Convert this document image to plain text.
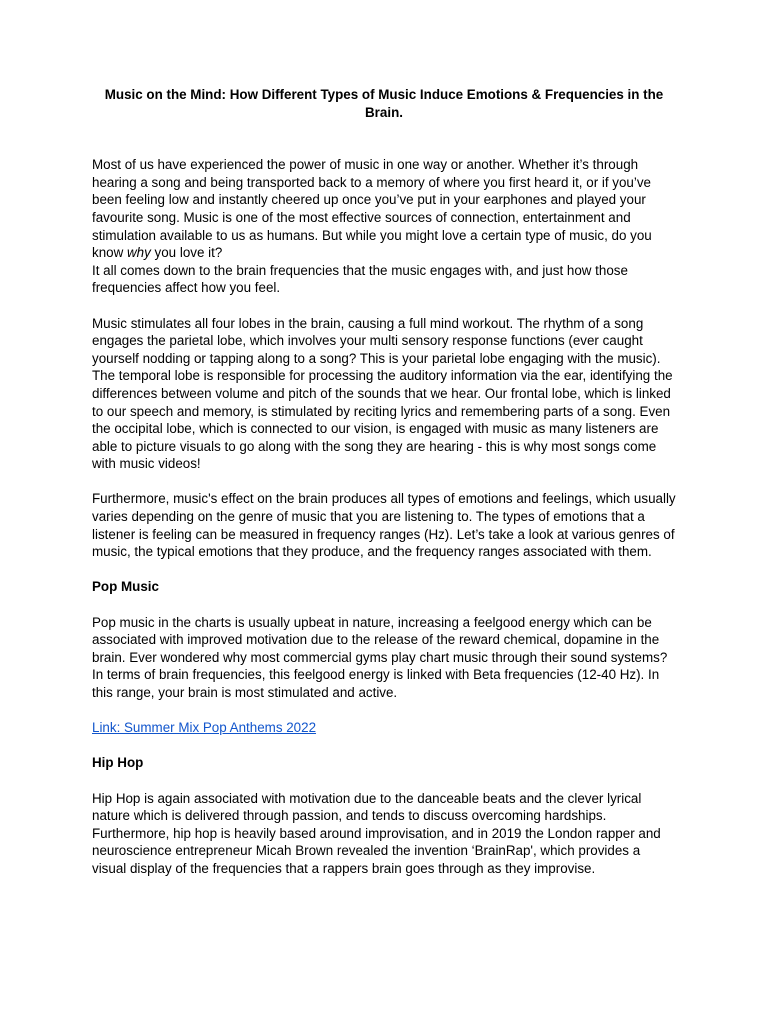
Music on the Mind: How Different Types of Music Induce Emotions & Frequencies in the Brain.

Most of us have experienced the power of music in one way or another. Whether it’s through hearing a song and being transported back to a memory of where you first heard it, or if you’ve been feeling low and instantly cheered up once you’ve put in your earphones and played your favourite song. Music is one of the most effective sources of connection, entertainment and stimulation available to us as humans. But while you might love a certain type of music, do you know why you love it?
It all comes down to the brain frequencies that the music engages with, and just how those frequencies affect how you feel.

Music stimulates all four lobes in the brain, causing a full mind workout. The rhythm of a song engages the parietal lobe, which involves your multi sensory response functions (ever caught yourself nodding or tapping along to a song? This is your parietal lobe engaging with the music). The temporal lobe is responsible for processing the auditory information via the ear, identifying the differences between volume and pitch of the sounds that we hear. Our frontal lobe, which is linked to our speech and memory, is stimulated by reciting lyrics and remembering parts of a song. Even the occipital lobe, which is connected to our vision, is engaged with music as many listeners are able to picture visuals to go along with the song they are hearing - this is why most songs come with music videos!

Furthermore, music's effect on the brain produces all types of emotions and feelings, which usually varies depending on the genre of music that you are listening to. The types of emotions that a listener is feeling can be measured in frequency ranges (Hz). Let’s take a look at various genres of music, the typical emotions that they produce, and the frequency ranges associated with them.

Pop Music

Pop music in the charts is usually upbeat in nature, increasing a feelgood energy which can be associated with improved motivation due to the release of the reward chemical, dopamine in the brain. Ever wondered why most commercial gyms play chart music through their sound systems? In terms of brain frequencies, this feelgood energy is linked with Beta frequencies (12-40 Hz). In this range, your brain is most stimulated and active.

Link: Summer Mix Pop Anthems 2022

Hip Hop

Hip Hop is again associated with motivation due to the danceable beats and the clever lyrical nature which is delivered through passion, and tends to discuss overcoming hardships. Furthermore, hip hop is heavily based around improvisation, and in 2019 the London rapper and neuroscience entrepreneur Micah Brown revealed the invention ‘BrainRap', which provides a visual display of the frequencies that a rappers brain goes through as they improvise.
